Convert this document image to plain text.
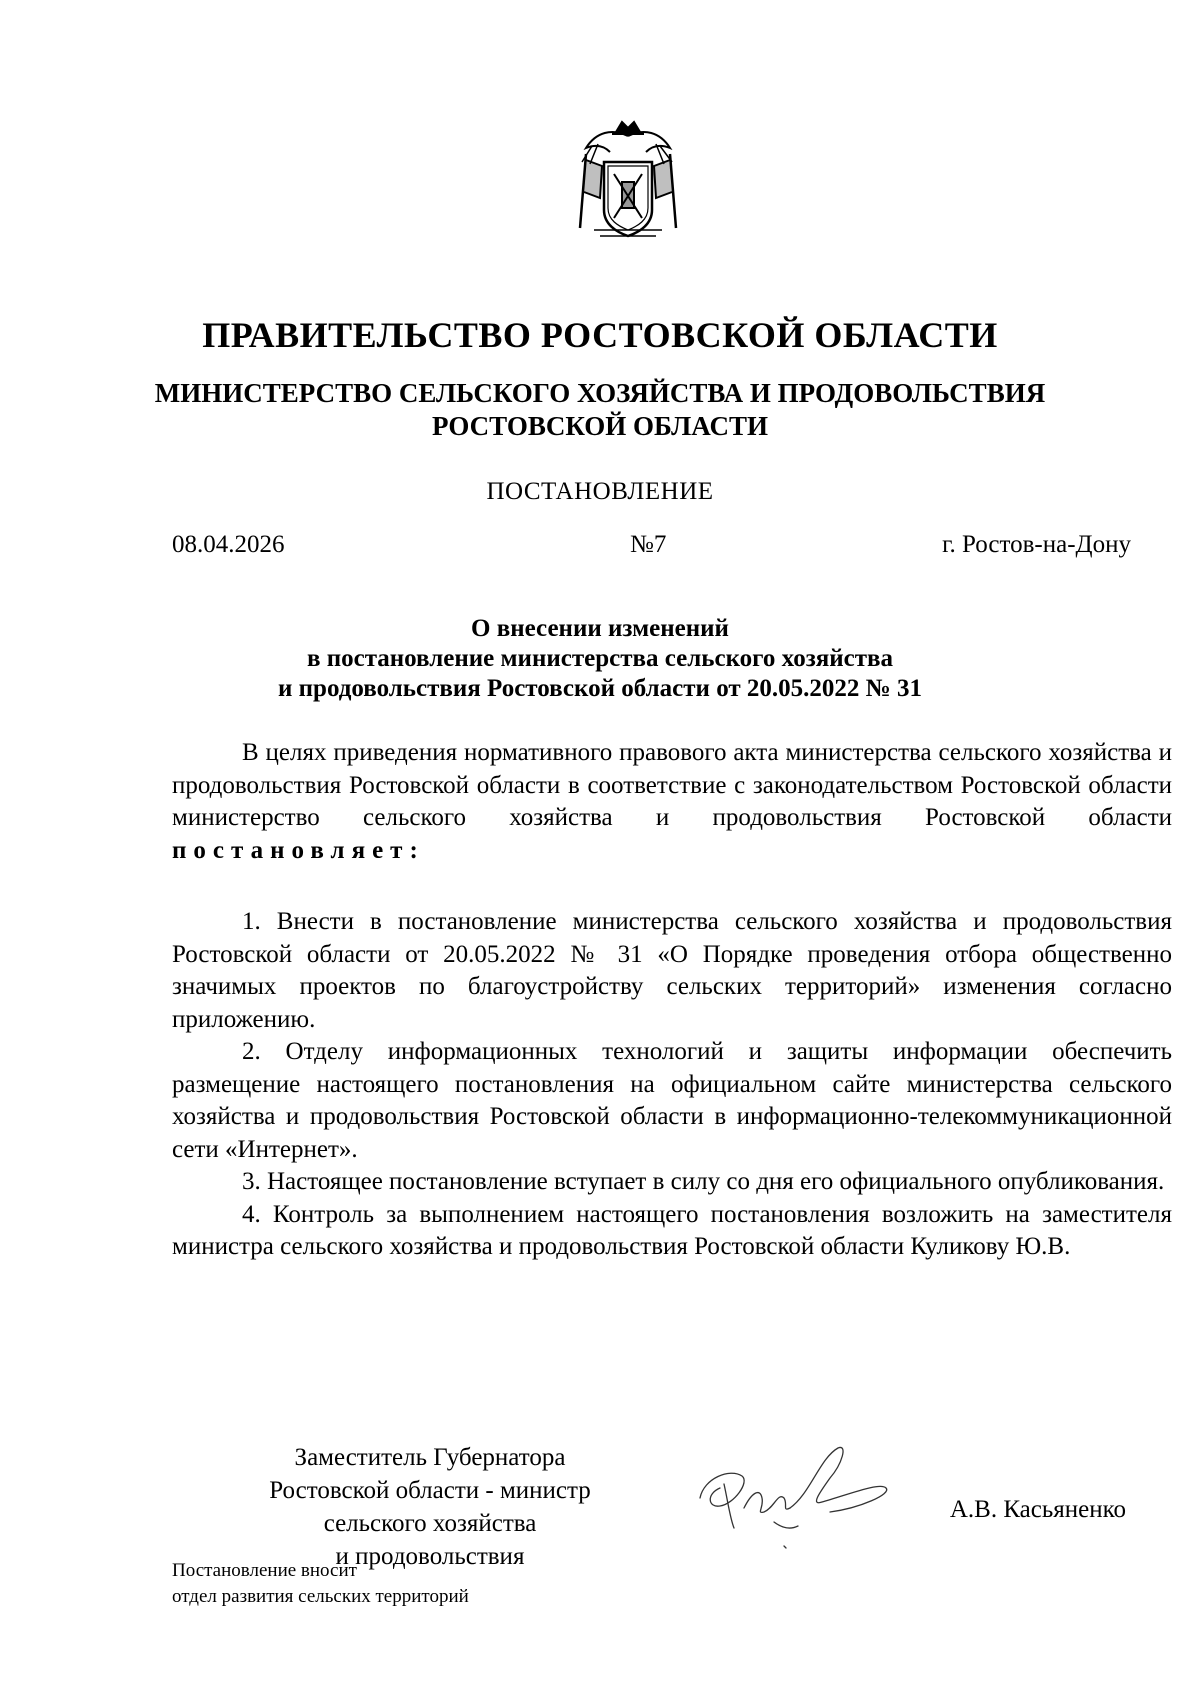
ПРАВИТЕЛЬСТВО РОСТОВСКОЙ ОБЛАСТИ
МИНИСТЕРСТВО СЕЛЬСКОГО ХОЗЯЙСТВА И ПРОДОВОЛЬСТВИЯ
РОСТОВСКОЙ ОБЛАСТИ
ПОСТАНОВЛЕНИЕ
08.04.2026	№7	г. Ростов-на-Дону
О внесении изменений
в постановление министерства сельского хозяйства
и продовольствия Ростовской области от 20.05.2022 № 31

В целях приведения нормативного правового акта министерства сельского хозяйства и продовольствия Ростовской области в соответствие с законодательством Ростовской области министерство сельского хозяйства и продовольствия Ростовской области постановляет:

1. Внести в постановление министерства сельского хозяйства и продовольствия Ростовской области от 20.05.2022 № 31 «О Порядке проведения отбора общественно значимых проектов по благоустройству сельских территорий» изменения согласно приложению.

2. Отделу информационных технологий и защиты информации обеспечить размещение настоящего постановления на официальном сайте министерства сельского хозяйства и продовольствия Ростовской области в информационно-телекоммуникационной сети «Интернет».

3. Настоящее постановление вступает в силу со дня его официального опубликования.

4. Контроль за выполнением настоящего постановления возложить на заместителя министра сельского хозяйства и продовольствия Ростовской области Куликову Ю.В.

Заместитель Губернатора
Ростовской области - министр
сельского хозяйства
и продовольствия
А.В. Касьяненко
Постановление вносит
отдел развития сельских территорий
